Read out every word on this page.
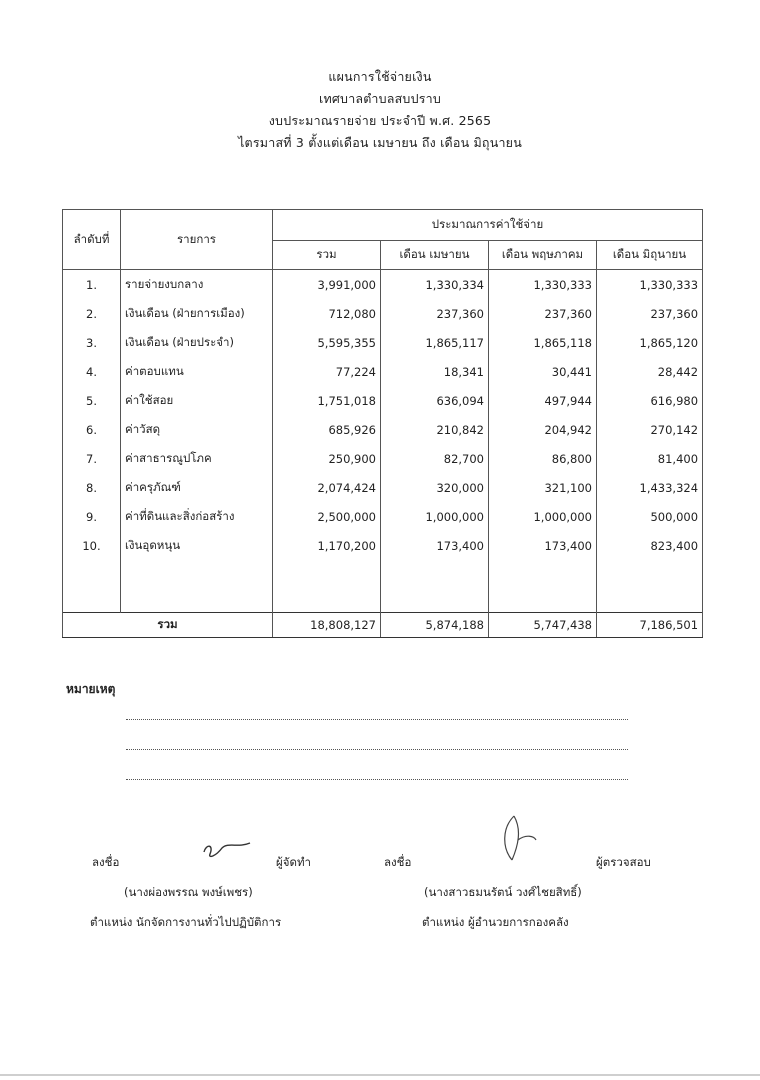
แผนการใช้จ่ายเงิน
เทศบาลตำบลสบปราบ
งบประมาณรายจ่าย ประจำปี พ.ศ. 2565
ไตรมาสที่ 3 ตั้งแต่เดือน เมษายน ถึง เดือน มิถุนายน
ลำดับที่	รายการ	ประมาณการค่าใช้จ่าย			
		รวม	เดือน เมษายน	เดือน พฤษภาคม	เดือน มิถุนายน
1.	รายจ่ายงบกลาง	3,991,000	1,330,334	1,330,333	1,330,333
2.	เงินเดือน (ฝ่ายการเมือง)	712,080	237,360	237,360	237,360
3.	เงินเดือน (ฝ่ายประจำ)	5,595,355	1,865,117	1,865,118	1,865,120
4.	ค่าตอบแทน	77,224	18,341	30,441	28,442
5.	ค่าใช้สอย	1,751,018	636,094	497,944	616,980
6.	ค่าวัสดุ	685,926	210,842	204,942	270,142
7.	ค่าสาธารณูปโภค	250,900	82,700	86,800	81,400
8.	ค่าครุภัณฑ์	2,074,424	320,000	321,100	1,433,324
9.	ค่าที่ดินและสิ่งก่อสร้าง	2,500,000	1,000,000	1,000,000	500,000
10.	เงินอุดหนุน	1,170,200	173,400	173,400	823,400

รวม		18,808,127	5,874,188	5,747,438	7,186,501
หมายเหตุ
ลงชื่อ	ผู้จัดทำ
(นางผ่องพรรณ พงษ์เพชร)
ตำแหน่ง นักจัดการงานทั่วไปปฏิบัติการ
ลงชื่อ	ผู้ตรวจสอบ
(นางสาวธมนรัตน์ วงศ์ไชยสิทธิ์)
ตำแหน่ง ผู้อำนวยการกองคลัง
